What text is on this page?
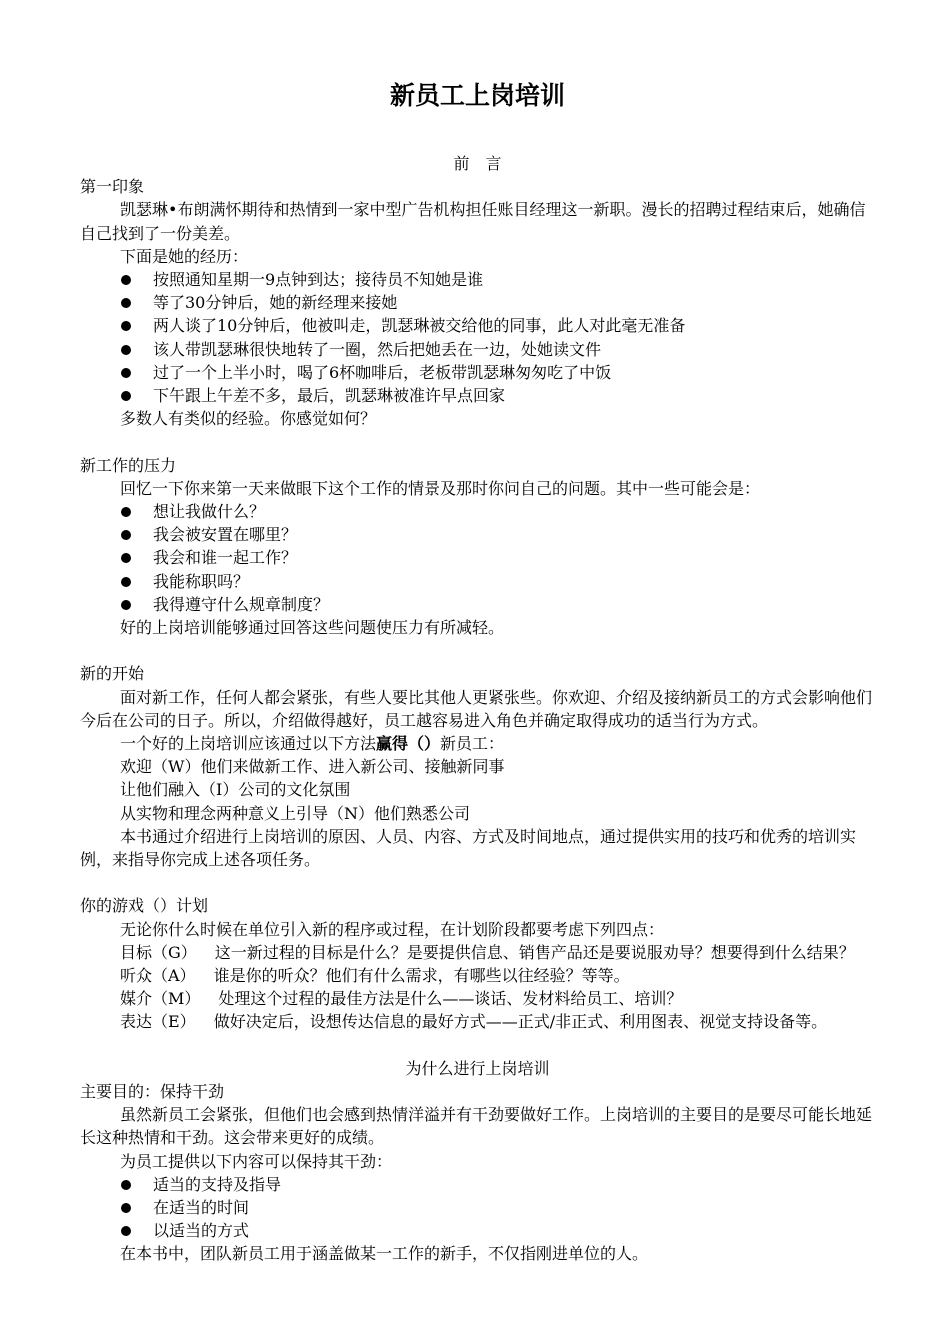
新员工上岗培训

前　言

第一印象

凯瑟琳•布朗满怀期待和热情到一家中型广告机构担任账目经理这一新职。漫长的招聘过程结束后，她确信自己找到了一份美差。

下面是她的经历：

按照通知星期一9点钟到达；接待员不知她是谁
等了30分钟后，她的新经理来接她
两人谈了10分钟后，他被叫走，凯瑟琳被交给他的同事，此人对此毫无准备
该人带凯瑟琳很快地转了一圈，然后把她丢在一边，处她读文件
过了一个上半小时，喝了6杯咖啡后，老板带凯瑟琳匆匆吃了中饭
下午跟上午差不多，最后，凯瑟琳被准许早点回家

多数人有类似的经验。你感觉如何？

新工作的压力

回忆一下你来第一天来做眼下这个工作的情景及那时你问自己的问题。其中一些可能会是：

想让我做什么？
我会被安置在哪里？
我会和谁一起工作？
我能称职吗？
我得遵守什么规章制度？

好的上岗培训能够通过回答这些问题使压力有所减轻。

新的开始

面对新工作，任何人都会紧张，有些人要比其他人更紧张些。你欢迎、介绍及接纳新员工的方式会影响他们今后在公司的日子。所以，介绍做得越好，员工越容易进入角色并确定取得成功的适当行为方式。

一个好的上岗培训应该通过以下方法赢得（）新员工：

欢迎（W）他们来做新工作、进入新公司、接触新同事

让他们融入（I）公司的文化氛围

从实物和理念两种意义上引导（N）他们熟悉公司

本书通过介绍进行上岗培训的原因、人员、内容、方式及时间地点，通过提供实用的技巧和优秀的培训实例，来指导你完成上述各项任务。

你的游戏（）计划

无论你什么时候在单位引入新的程序或过程，在计划阶段都要考虑下列四点：

目标（G） 这一新过程的目标是什么？是要提供信息、销售产品还是要说服劝导？想要得到什么结果？

听众（A） 谁是你的听众？他们有什么需求，有哪些以往经验？等等。

媒介（M） 处理这个过程的最佳方法是什么——谈话、发材料给员工、培训？

表达（E） 做好决定后，设想传达信息的最好方式——正式/非正式、利用图表、视觉支持设备等。

为什么进行上岗培训

主要目的：保持干劲

虽然新员工会紧张，但他们也会感到热情洋溢并有干劲要做好工作。上岗培训的主要目的是要尽可能长地延长这种热情和干劲。这会带来更好的成绩。

为员工提供以下内容可以保持其干劲：

适当的支持及指导
在适当的时间
以适当的方式

在本书中，团队新员工用于涵盖做某一工作的新手，不仅指刚进单位的人。
